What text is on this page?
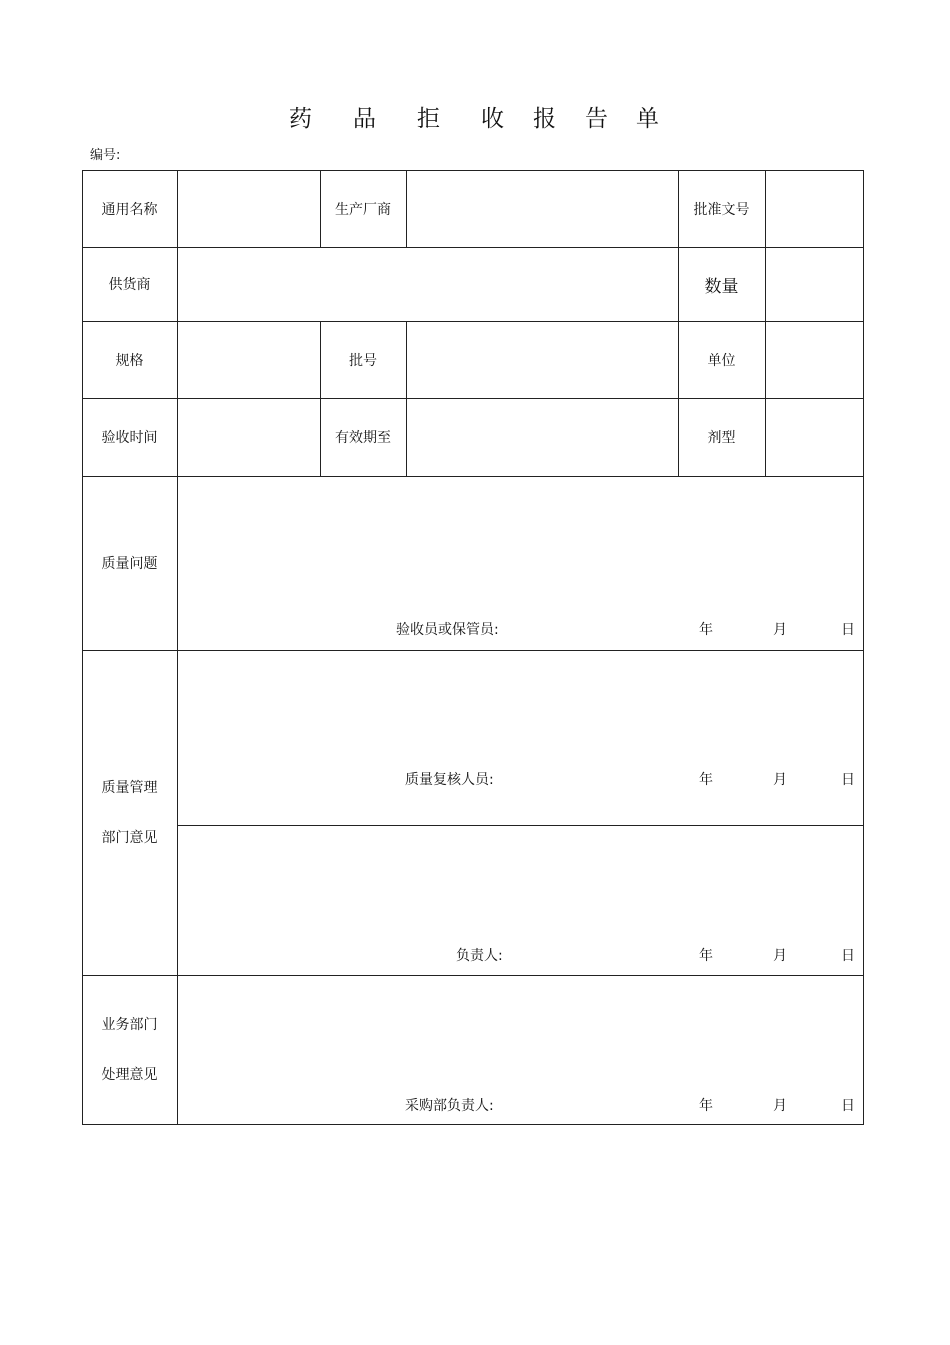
药 品 拒 收 报 告 单
编号:
通用名称	生产厂商	批准文号
供货商	数量
规格	批号	单位
验收时间	有效期至	剂型
质量问题
验收员或保管员:	年	月	日
质量管理
部门意见
质量复核人员:	年	月	日
负责人:	年	月	日
业务部门
处理意见
采购部负责人:	年	月	日
